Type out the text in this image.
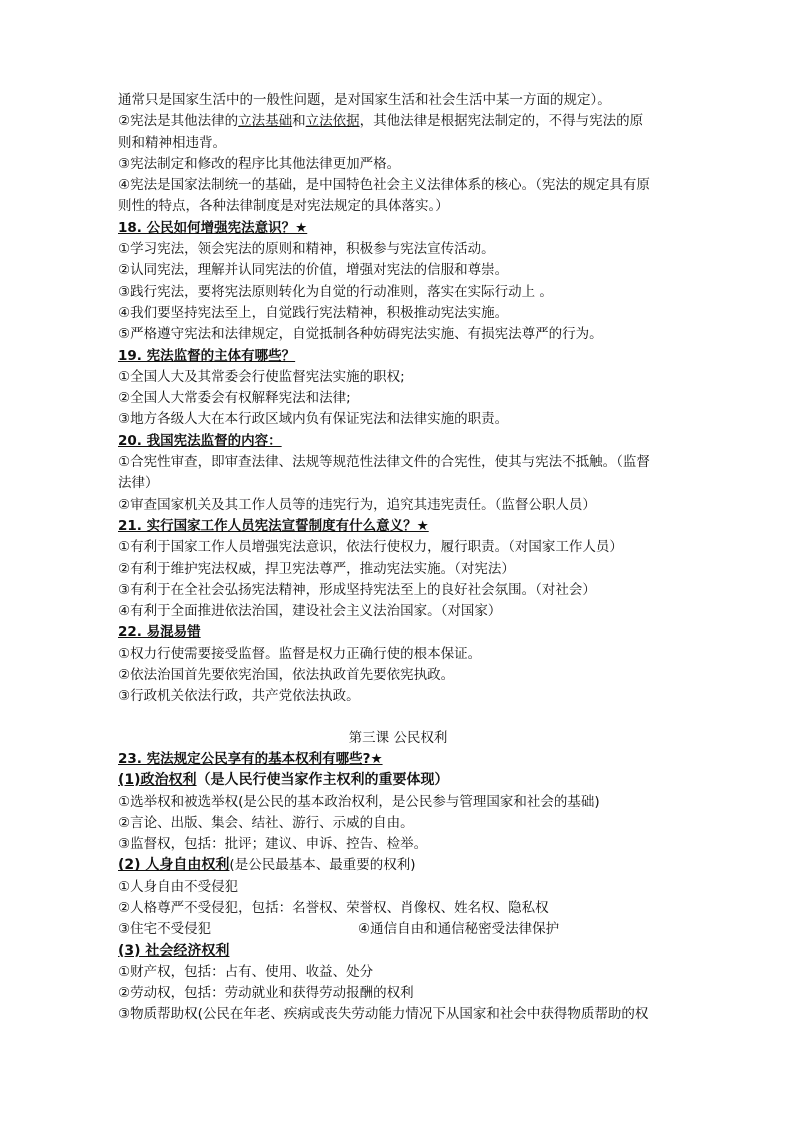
通常只是国家生活中的一般性问题，是对国家生活和社会生活中某一方面的规定）。

②宪法是其他法律的立法基础和立法依据，其他法律是根据宪法制定的，不得与宪法的原

则和精神相违背。

③宪法制定和修改的程序比其他法律更加严格。

④宪法是国家法制统一的基础，是中国特色社会主义法律体系的核心。（宪法的规定具有原

则性的特点，各种法律制度是对宪法规定的具体落实。）

18. 公民如何增强宪法意识？★

①学习宪法，领会宪法的原则和精神，积极参与宪法宣传活动。

②认同宪法，理解并认同宪法的价值，增强对宪法的信服和尊崇。

③践行宪法，要将宪法原则转化为自觉的行动准则，落实在实际行动上 。

④我们要坚持宪法至上，自觉践行宪法精神，积极推动宪法实施。

⑤严格遵守宪法和法律规定，自觉抵制各种妨碍宪法实施、有损宪法尊严的行为。

19. 宪法监督的主体有哪些？

①全国人大及其常委会行使监督宪法实施的职权;

②全国人大常委会有权解释宪法和法律;

③地方各级人大在本行政区域内负有保证宪法和法律实施的职责。

20. 我国宪法监督的内容：

①合宪性审查，即审查法律、法规等规范性法律文件的合宪性，使其与宪法不抵触。（监督

法律）

②审查国家机关及其工作人员等的违宪行为，追究其违宪责任。（监督公职人员）

21. 实行国家工作人员宪法宣誓制度有什么意义？★

①有利于国家工作人员增强宪法意识，依法行使权力，履行职责。（对国家工作人员）

②有利于维护宪法权威，捍卫宪法尊严，推动宪法实施。（对宪法）

③有利于在全社会弘扬宪法精神，形成坚持宪法至上的良好社会氛围。（对社会）

④有利于全面推进依法治国，建设社会主义法治国家。（对国家）

22. 易混易错

①权力行使需要接受监督。监督是权力正确行使的根本保证。

②依法治国首先要依宪治国，依法执政首先要依宪执政。

③行政机关依法行政，共产党依法执政。

第三课 公民权利

23. 宪法规定公民享有的基本权利有哪些?★

(1)政治权利（是人民行使当家作主权利的重要体现）

①选举权和被选举权(是公民的基本政治权利，是公民参与管理国家和社会的基础)

②言论、出版、集会、结社、游行、示威的自由。

③监督权，包括：批评；建议、申诉、控告、检举。

(2) 人身自由权利(是公民最基本、最重要的权利)

①人身自由不受侵犯

②人格尊严不受侵犯，包括：名誉权、荣誉权、肖像权、姓名权、隐私权

③住宅不受侵犯	④通信自由和通信秘密受法律保护

(3) 社会经济权利

①财产权，包括：占有、使用、收益、处分

②劳动权，包括：劳动就业和获得劳动报酬的权利

③物质帮助权(公民在年老、疾病或丧失劳动能力情况下从国家和社会中获得物质帮助的权
